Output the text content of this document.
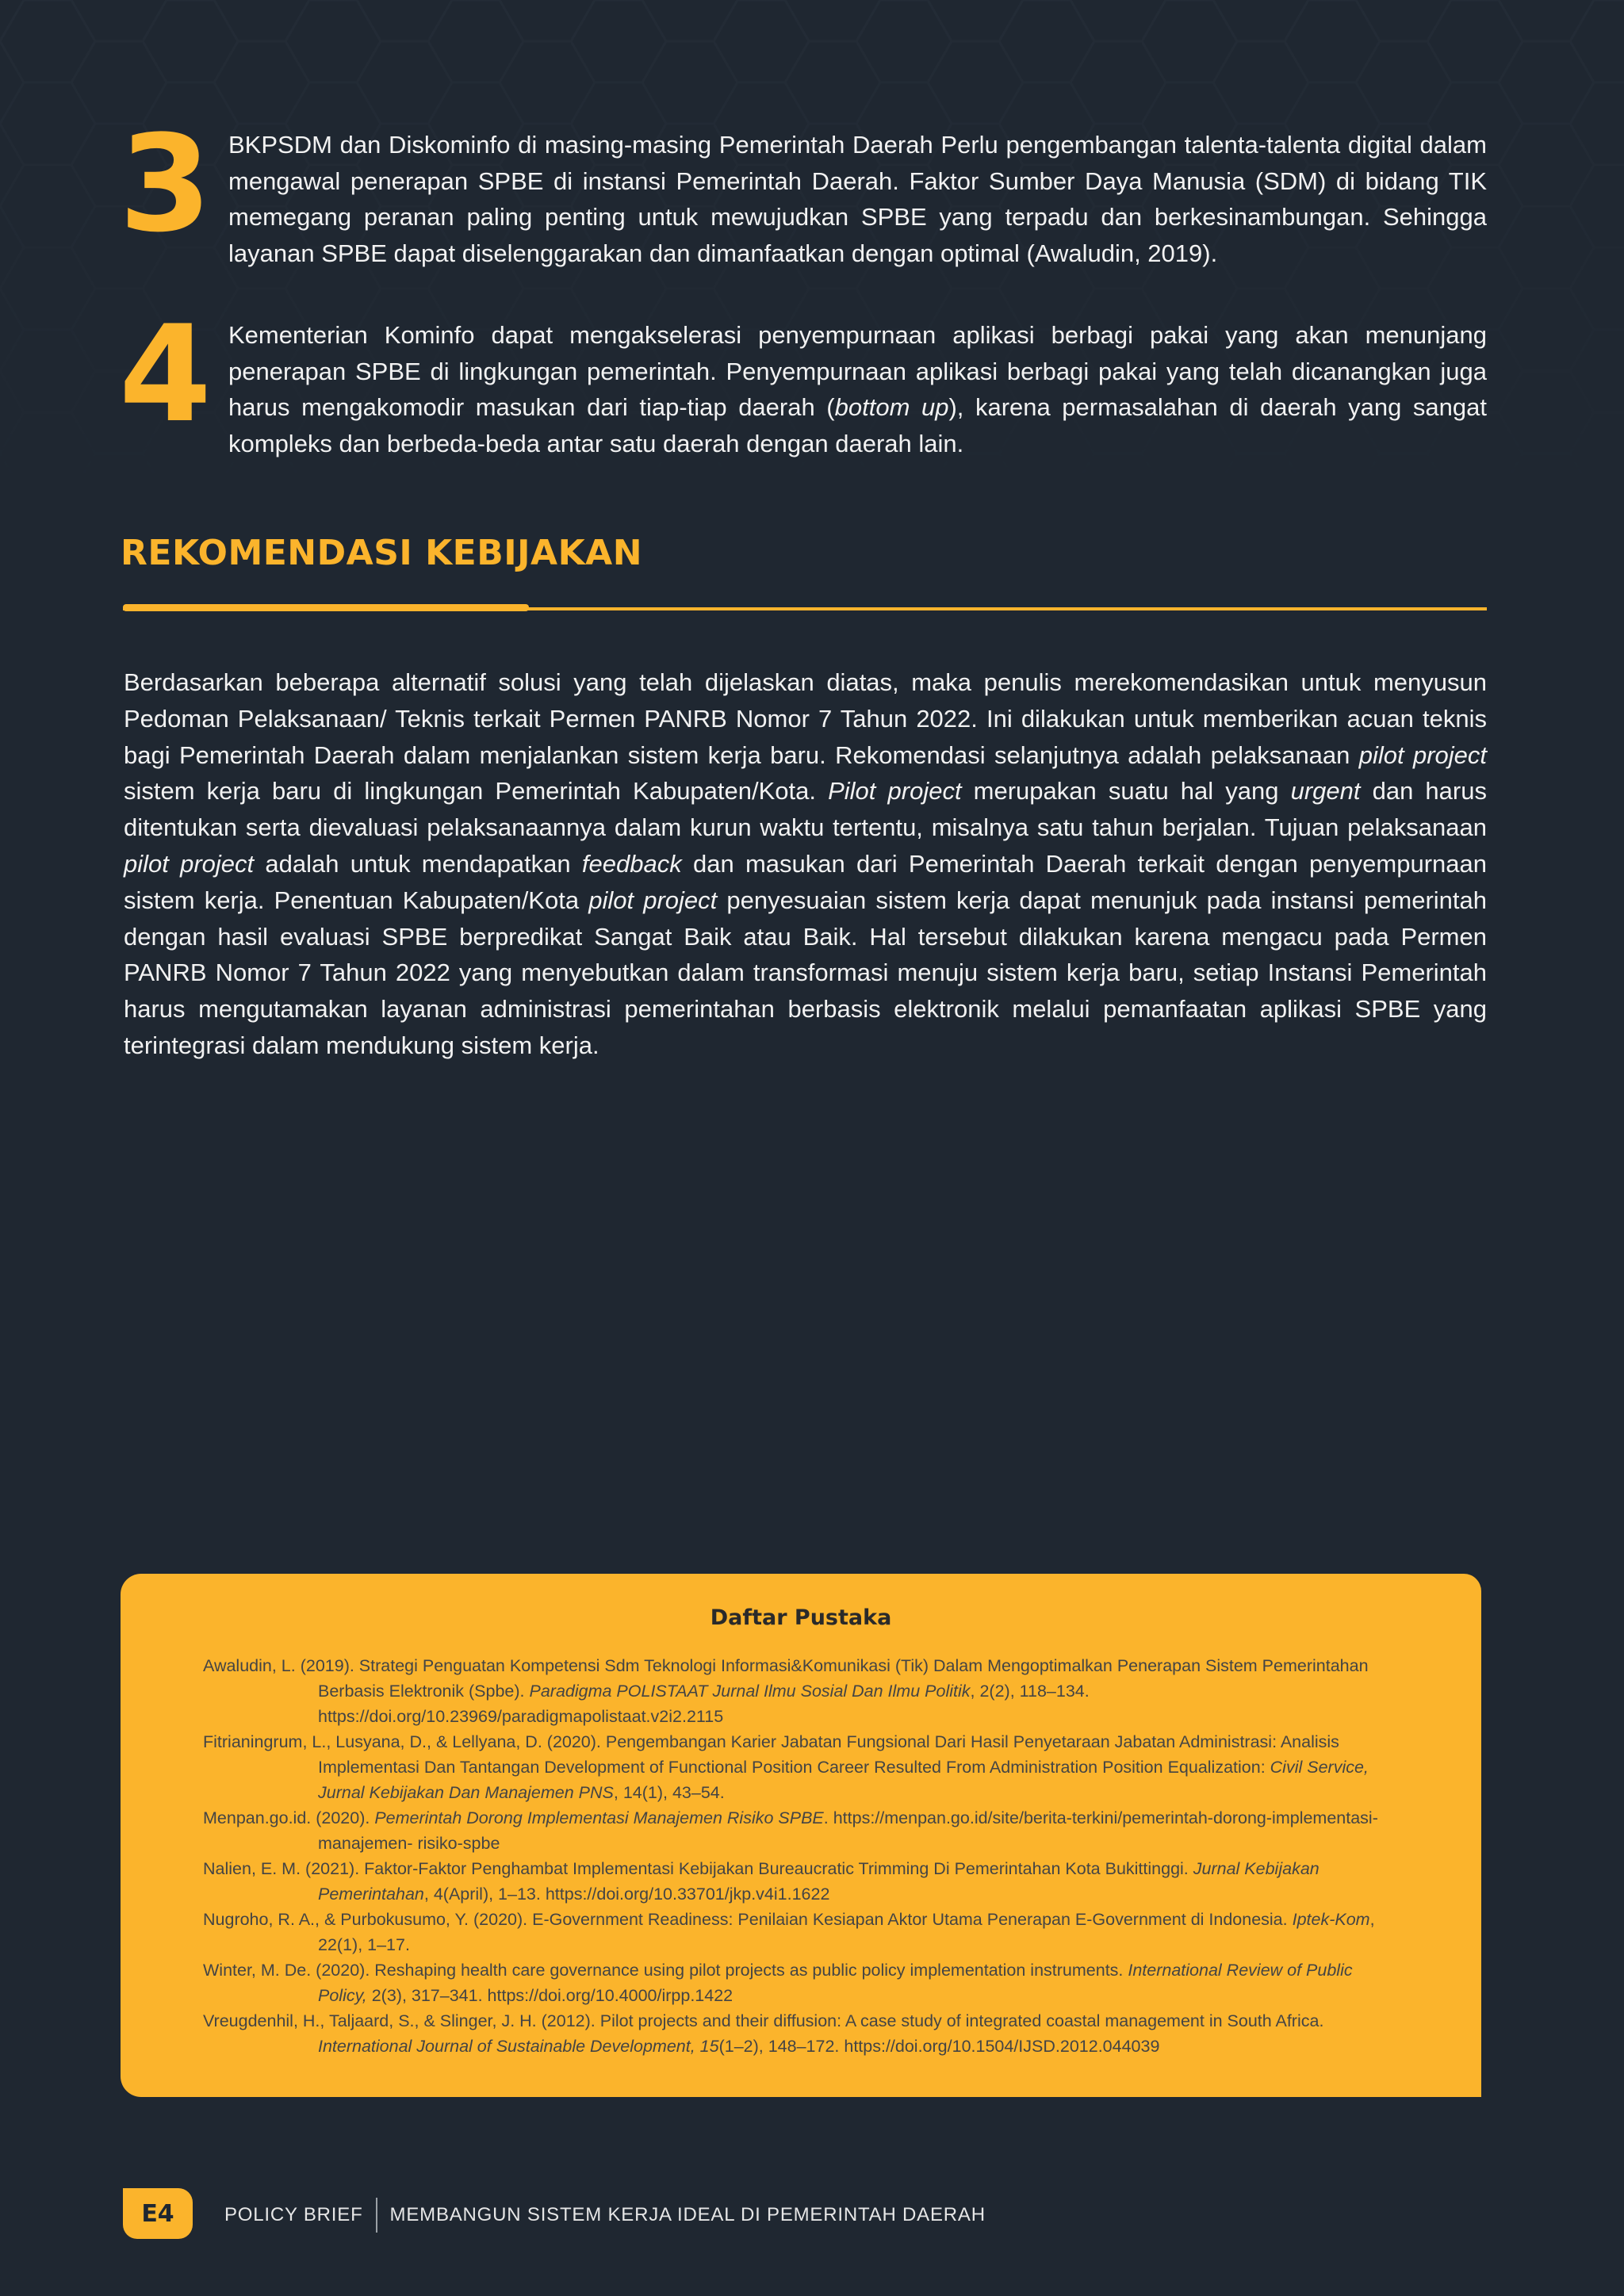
3 BKPSDM dan Diskominfo di masing-masing Pemerintah Daerah Perlu pengembangan talenta-talenta digital dalam mengawal penerapan SPBE di instansi Pemerintah Daerah. Faktor Sumber Daya Manusia (SDM) di bidang TIK memegang peranan paling penting untuk mewujudkan SPBE yang terpadu dan berkesinambungan. Sehingga layanan SPBE dapat diselenggarakan dan dimanfaatkan dengan optimal (Awaludin, 2019).
4 Kementerian Kominfo dapat mengakselerasi penyempurnaan aplikasi berbagi pakai yang akan menunjang penerapan SPBE di lingkungan pemerintah. Penyempurnaan aplikasi berbagi pakai yang telah dicanangkan juga harus mengakomodir masukan dari tiap-tiap daerah (bottom up), karena permasalahan di daerah yang sangat kompleks dan berbeda-beda antar satu daerah dengan daerah lain.
REKOMENDASI KEBIJAKAN
Berdasarkan beberapa alternatif solusi yang telah dijelaskan diatas, maka penulis merekomendasikan untuk menyusun Pedoman Pelaksanaan/ Teknis terkait Permen PANRB Nomor 7 Tahun 2022. Ini dilakukan untuk memberikan acuan teknis bagi Pemerintah Daerah dalam menjalankan sistem kerja baru. Rekomendasi selanjutnya adalah pelaksanaan pilot project sistem kerja baru di lingkungan Pemerintah Kabupaten/Kota. Pilot project merupakan suatu hal yang urgent dan harus ditentukan serta dievaluasi pelaksanaannya dalam kurun waktu tertentu, misalnya satu tahun berjalan. Tujuan pelaksanaan pilot project adalah untuk mendapatkan feedback dan masukan dari Pemerintah Daerah terkait dengan penyempurnaan sistem kerja. Penentuan Kabupaten/Kota pilot project penyesuaian sistem kerja dapat menunjuk pada instansi pemerintah dengan hasil evaluasi SPBE berpredikat Sangat Baik atau Baik. Hal tersebut dilakukan karena mengacu pada Permen PANRB Nomor 7 Tahun 2022 yang menyebutkan dalam transformasi menuju sistem kerja baru, setiap Instansi Pemerintah harus mengutamakan layanan administrasi pemerintahan berbasis elektronik melalui pemanfaatan aplikasi SPBE yang terintegrasi dalam mendukung sistem kerja.
Daftar Pustaka
Awaludin, L. (2019). Strategi Penguatan Kompetensi Sdm Teknologi Informasi&Komunikasi (Tik) Dalam Mengoptimalkan Penerapan Sistem Pemerintahan Berbasis Elektronik (Spbe). Paradigma POLISTAAT Jurnal Ilmu Sosial Dan Ilmu Politik, 2(2), 118–134. https://doi.org/10.23969/paradigmapolistaat.v2i2.2115
Fitrianingrum, L., Lusyana, D., & Lellyana, D. (2020). Pengembangan Karier Jabatan Fungsional Dari Hasil Penyetaraan Jabatan Administrasi: Analisis Implementasi Dan Tantangan Development of Functional Position Career Resulted From Administration Position Equalization: Civil Service, Jurnal Kebijakan Dan Manajemen PNS, 14(1), 43–54.
Menpan.go.id. (2020). Pemerintah Dorong Implementasi Manajemen Risiko SPBE. https://menpan.go.id/site/berita-terkini/pemerintah-dorong-implementasi-manajemen- risiko-spbe
Nalien, E. M. (2021). Faktor-Faktor Penghambat Implementasi Kebijakan Bureaucratic Trimming Di Pemerintahan Kota Bukittinggi. Jurnal Kebijakan Pemerintahan, 4(April), 1–13. https://doi.org/10.33701/jkp.v4i1.1622
Nugroho, R. A., & Purbokusumo, Y. (2020). E-Government Readiness: Penilaian Kesiapan Aktor Utama Penerapan E-Government di Indonesia. Iptek-Kom, 22(1), 1–17.
Winter, M. De. (2020). Reshaping health care governance using pilot projects as public policy implementation instruments. International Review of Public Policy, 2(3), 317–341. https://doi.org/10.4000/irpp.1422
Vreugdenhil, H., Taljaard, S., & Slinger, J. H. (2012). Pilot projects and their diffusion: A case study of integrated coastal management in South Africa. International Journal of Sustainable Development, 15(1–2), 148–172. https://doi.org/10.1504/IJSD.2012.044039
E4	POLICY BRIEF MEMBANGUN SISTEM KERJA IDEAL DI PEMERINTAH DAERAH
